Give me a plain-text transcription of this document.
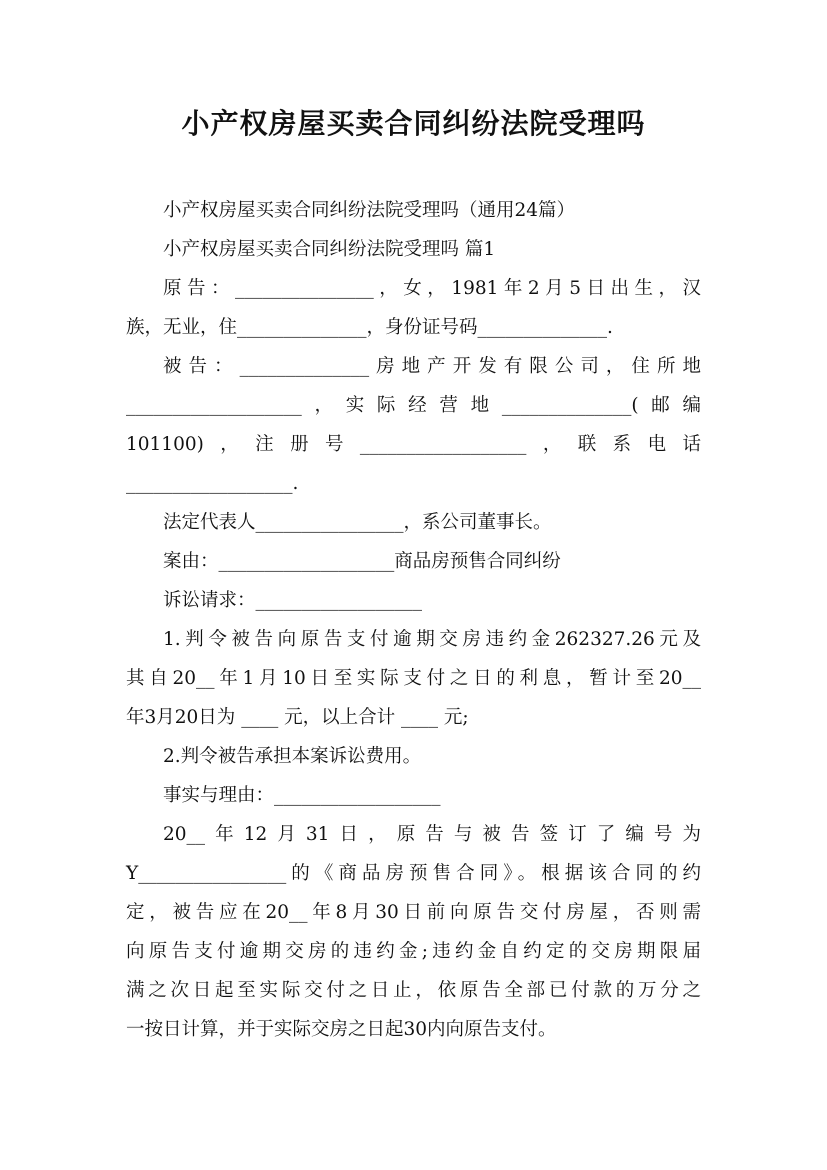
小产权房屋买卖合同纠纷法院受理吗
小产权房屋买卖合同纠纷法院受理吗（通用24篇）
小产权房屋买卖合同纠纷法院受理吗 篇1
原告：_______________，女，1981年2月5日出生，汉
族，无业，住______________，身份证号码______________.
被告：______________房地产开发有限公司，住所地
___________________，实际经营地______________(邮编
101100)，注册号__________________，联系电话
__________________.
法定代表人________________，系公司董事长。
案由：___________________商品房预售合同纠纷
诉讼请求：__________________
1.判令被告向原告支付逾期交房违约金262327.26元及
其自20__年1月10日至实际支付之日的利息，暂计至20__
年3月20日为 ____ 元，以上合计 ____ 元;
2.判令被告承担本案诉讼费用。
事实与理由：__________________
20__年12月31日，原告与被告签订了编号为
Y________________的《商品房预售合同》。根据该合同的约
定，被告应在20__年8月30日前向原告交付房屋，否则需
向原告支付逾期交房的违约金;违约金自约定的交房期限届
满之次日起至实际交付之日止，依原告全部已付款的万分之
一按日计算，并于实际交房之日起30内向原告支付。
